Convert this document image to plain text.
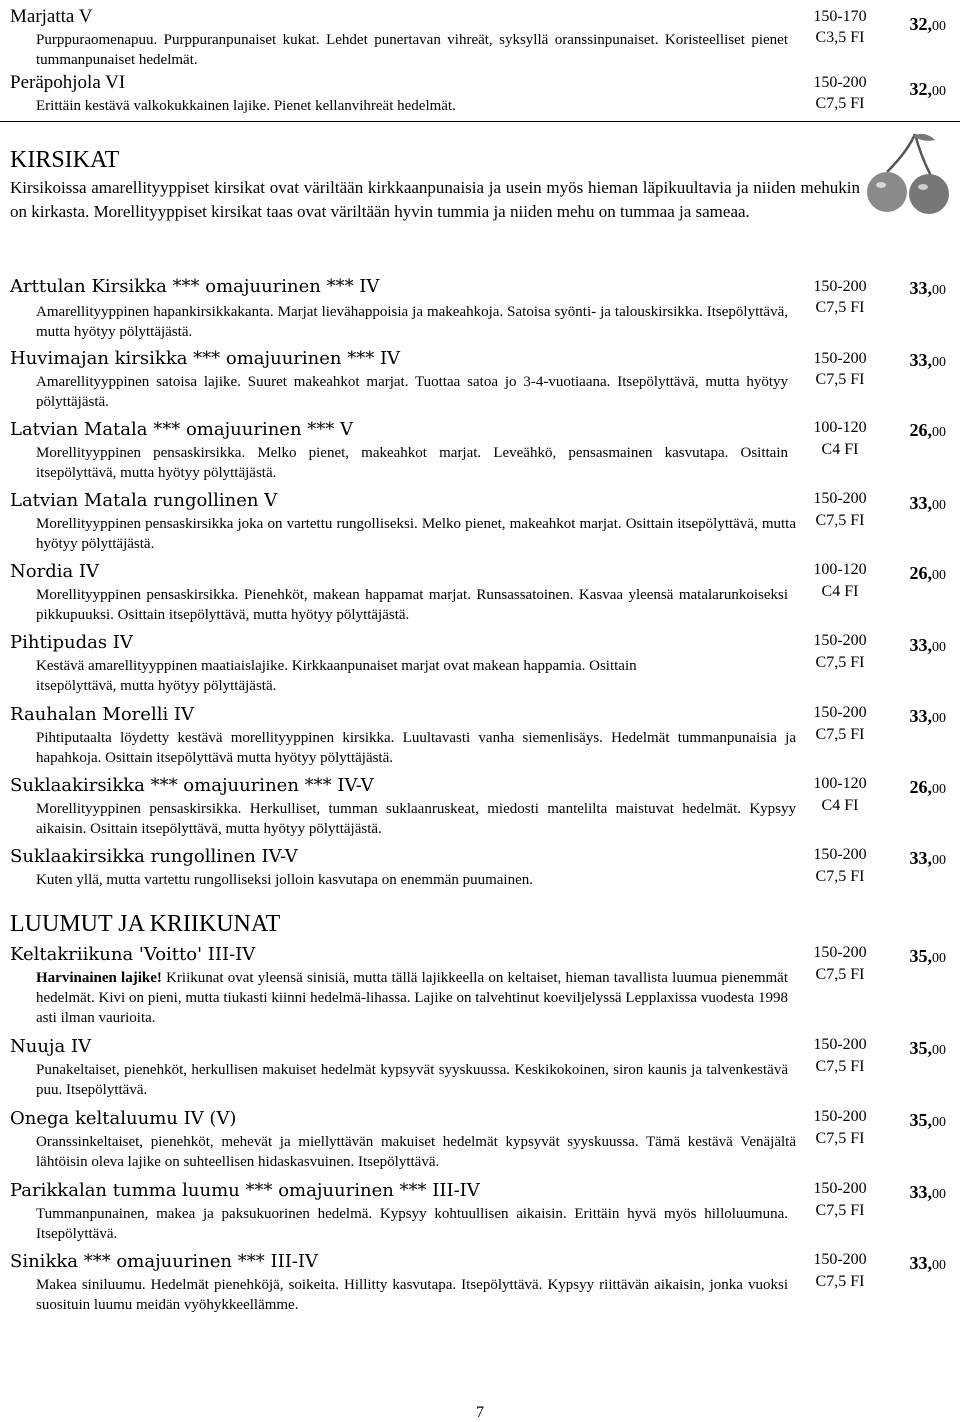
Marjatta V
Purppuraomenapuu. Purppuranpunaiset kukat. Lehdet punertavan vihreät, syksyllä oranssinpunaiset. Koristeelliset pienet tummanpunaiset hedelmät.
150-170
C3,5 FI
32,00
Peräpohjola VI
Erittäin kestävä valkokukkainen lajike. Pienet kellanvihreät hedelmät.
150-200
C7,5 FI
32,00
KIRSIKAT
Kirsikoissa amarellityyppiset kirsikat ovat väriltään kirkkaanpunaisia ja usein myös hieman läpikuultavia ja niiden mehukin on kirkasta. Morellityyppiset kirsikat taas ovat väriltään hyvin tummia ja niiden mehu on tummaa ja sameaa.
Arttulan Kirsikka *** omajuurinen *** IV
Amarellityyppinen hapankirsikkakanta. Marjat lievähappoisia ja makeahkoja. Satoisa syönti- ja talouskirsikka. Itsepölyttävä, mutta hyötyy pölyttäjästä.
150-200
C7,5 FI
33,00
Huvimajan kirsikka *** omajuurinen *** IV
Amarellityyppinen satoisa lajike. Suuret makeahkot marjat. Tuottaa satoa jo 3-4-vuotiaana. Itsepölyttävä, mutta hyötyy pölyttäjästä.
150-200
C7,5 FI
33,00
Latvian Matala *** omajuurinen *** V
Morellityyppinen pensaskirsikka. Melko pienet, makeahkot marjat. Leveähkö, pensasmainen kasvutapa. Osittain itsepölyttävä, mutta hyötyy pölyttäjästä.
100-120
C4 FI
26,00
Latvian Matala rungollinen V
Morellityyppinen pensaskirsikka joka on vartettu rungolliseksi. Melko pienet, makeahkot marjat. Osittain itsepölyttävä, mutta hyötyy pölyttäjästä.
150-200
C7,5 FI
33,00
Nordia IV
Morellityyppinen pensaskirsikka. Pienehköt, makean happamat marjat. Runsassatoinen. Kasvaa yleensä matalarunkoiseksi pikkupuuksi. Osittain itsepölyttävä, mutta hyötyy pölyttäjästä.
100-120
C4 FI
26,00
Pihtipudas IV
Kestävä amarellityyppinen maatiaislajike. Kirkkaanpunaiset marjat ovat makean happamia. Osittain itsepölyttävä, mutta hyötyy pölyttäjästä.
150-200
C7,5 FI
33,00
Rauhalan Morelli IV
Pihtiputaalta löydetty kestävä morellityyppinen kirsikka. Luultavasti vanha siemenlisäys. Hedelmät tummanpunaisia ja hapahkoja. Osittain itsepölyttävä mutta hyötyy pölyttäjästä.
150-200
C7,5 FI
33,00
Suklaakirsikka *** omajuurinen *** IV-V
Morellityyppinen pensaskirsikka. Herkulliset, tumman suklaanruskeat, miedosti mantelilta maistuvat hedelmät. Kypsyy aikaisin. Osittain itsepölyttävä, mutta hyötyy pölyttäjästä.
100-120
C4 FI
26,00
Suklaakirsikka rungollinen IV-V
Kuten yllä, mutta vartettu rungolliseksi jolloin kasvutapa on enemmän puumainen.
150-200
C7,5 FI
33,00
LUUMUT JA KRIIKUNAT
Keltakriikuna 'Voitto' III-IV
Harvinainen lajike! Kriikunat ovat yleensä sinisiä, mutta tällä lajikkeella on keltaiset, hieman tavallista luumua pienemmät hedelmät. Kivi on pieni, mutta tiukasti kiinni hedelmä-lihassa. Lajike on talvehtinut koeviljelyssä Lepplaxissa vuodesta 1998 asti ilman vaurioita.
150-200
C7,5 FI
35,00
Nuuja IV
Punakeltaiset, pienehköt, herkullisen makuiset hedelmät kypsyvät syyskuussa. Keskikokoinen, siron kaunis ja talvenkestävä puu. Itsepölyttävä.
150-200
C7,5 FI
35,00
Onega keltaluumu IV (V)
Oranssinkeltaiset, pienehköt, mehevät ja miellyttävän makuiset hedelmät kypsyvät syyskuussa. Tämä kestävä Venäjältä lähtöisin oleva lajike on suhteellisen hidaskasvuinen. Itsepölyttävä.
150-200
C7,5 FI
35,00
Parikkalan tumma luumu *** omajuurinen *** III-IV
Tummanpunainen, makea ja paksukuorinen hedelmä. Kypsyy kohtuullisen aikaisin. Erittäin hyvä myös hilloluumuna. Itsepölyttävä.
150-200
C7,5 FI
33,00
Sinikka *** omajuurinen *** III-IV
Makea siniluumu. Hedelmät pienehköjä, soikeita. Hillitty kasvutapa. Itsepölyttävä. Kypsyy riittävän aikaisin, jonka vuoksi suosituin luumu meidän vyöhykkeellämme.
150-200
C7,5 FI
33,00
7
